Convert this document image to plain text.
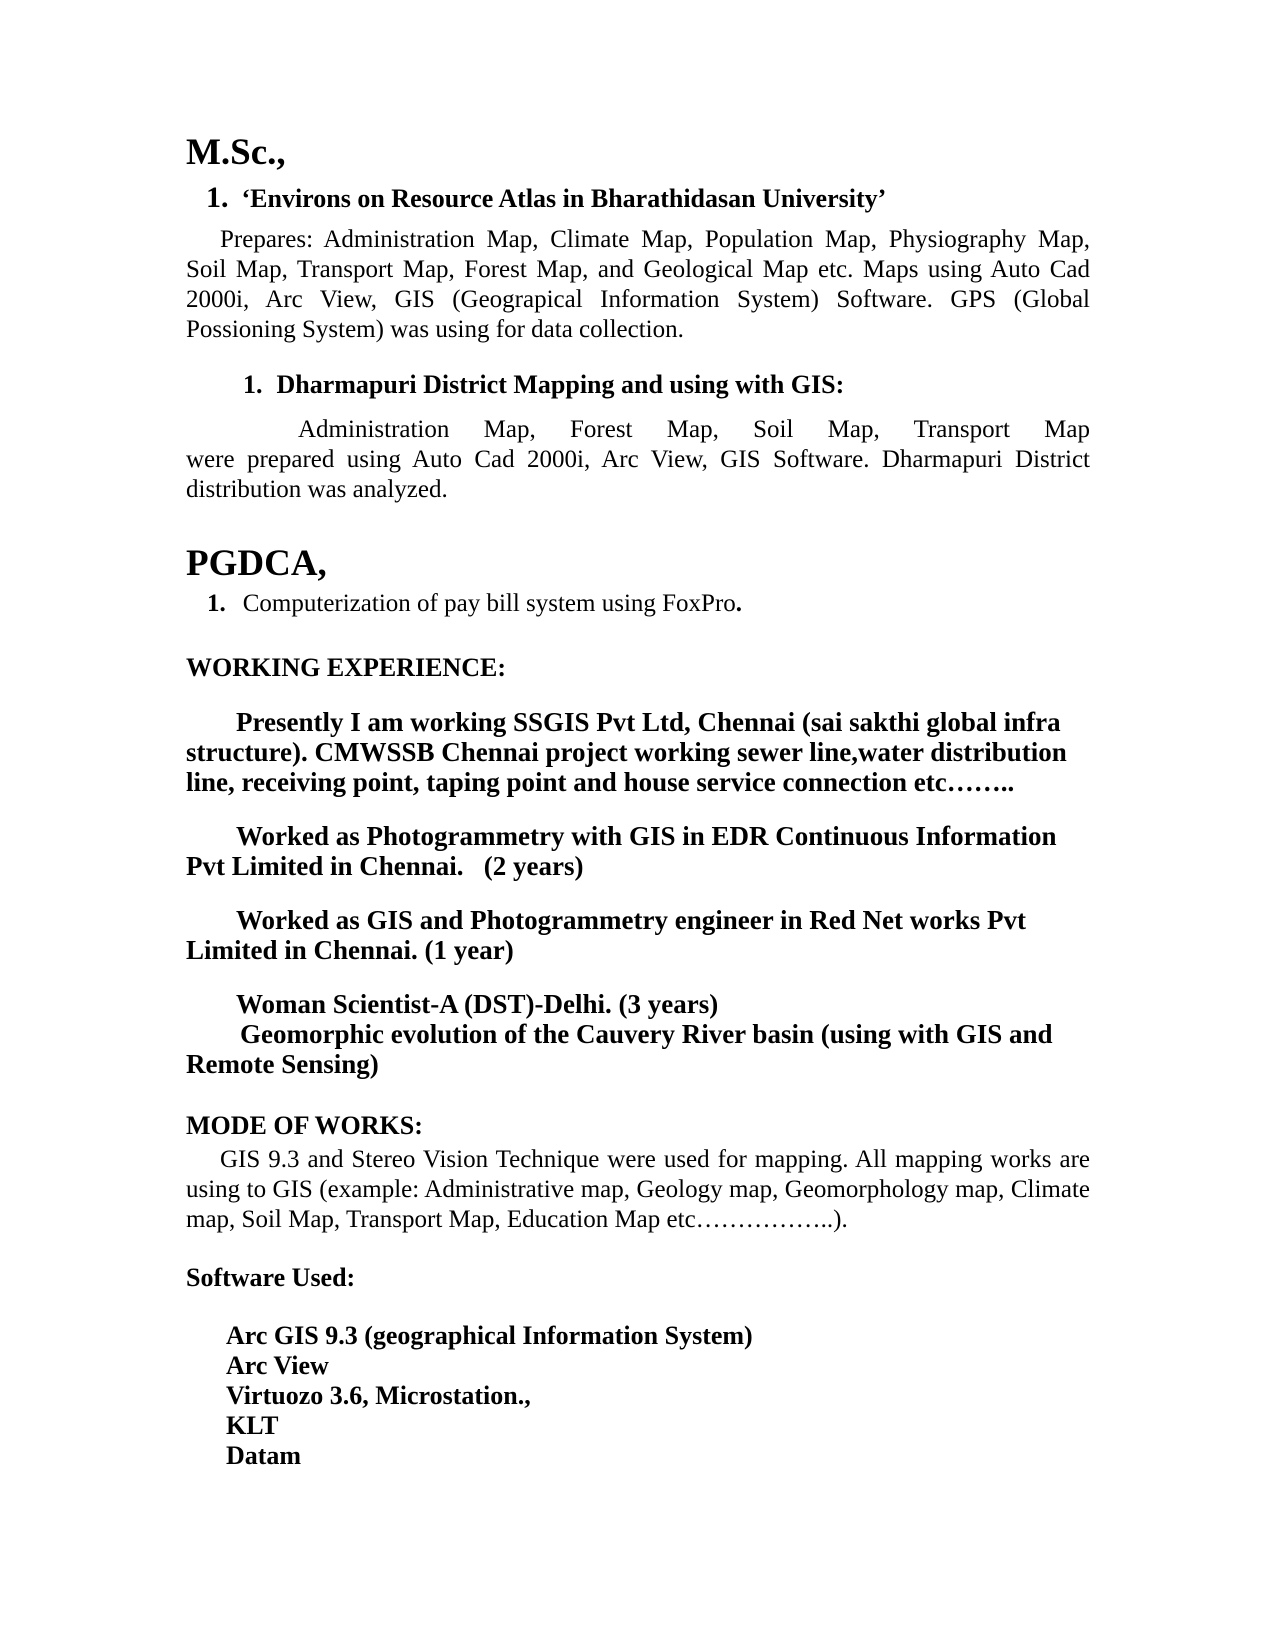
M.Sc.,
1. ‘Environs on Resource Atlas in Bharathidasan University’
Prepares: Administration Map, Climate Map, Population Map, Physiography Map, Soil Map, Transport Map, Forest Map, and Geological Map etc. Maps using Auto Cad 2000i, Arc View, GIS (Geograpical Information System) Software. GPS (Global Possioning System) was using for data collection.
1. Dharmapuri District Mapping and using with GIS:
Administration Map, Forest Map, Soil Map, Transport Map
were prepared using Auto Cad 2000i, Arc View, GIS Software. Dharmapuri District distribution was analyzed.
PGDCA,
1. Computerization of pay bill system using FoxPro.
WORKING EXPERIENCE:
Presently I am working SSGIS Pvt Ltd, Chennai (sai sakthi global infra structure). CMWSSB Chennai project working sewer line,water distribution line, receiving point, taping point and house service connection etc……..
Worked as Photogrammetry with GIS in EDR Continuous Information Pvt Limited in Chennai.   (2 years)
Worked as GIS and Photogrammetry engineer in Red Net works Pvt Limited in Chennai. (1 year)
Woman Scientist-A (DST)-Delhi. (3 years)
Geomorphic evolution of the Cauvery River basin (using with GIS and Remote Sensing)
MODE OF WORKS:
GIS 9.3 and Stereo Vision Technique were used for mapping. All mapping works are using to GIS (example: Administrative map, Geology map, Geomorphology map, Climate map, Soil Map, Transport Map, Education Map etc……………..).
Software Used:
Arc GIS 9.3 (geographical Information System)
Arc View
Virtuozo 3.6, Microstation.,
KLT
Datam
